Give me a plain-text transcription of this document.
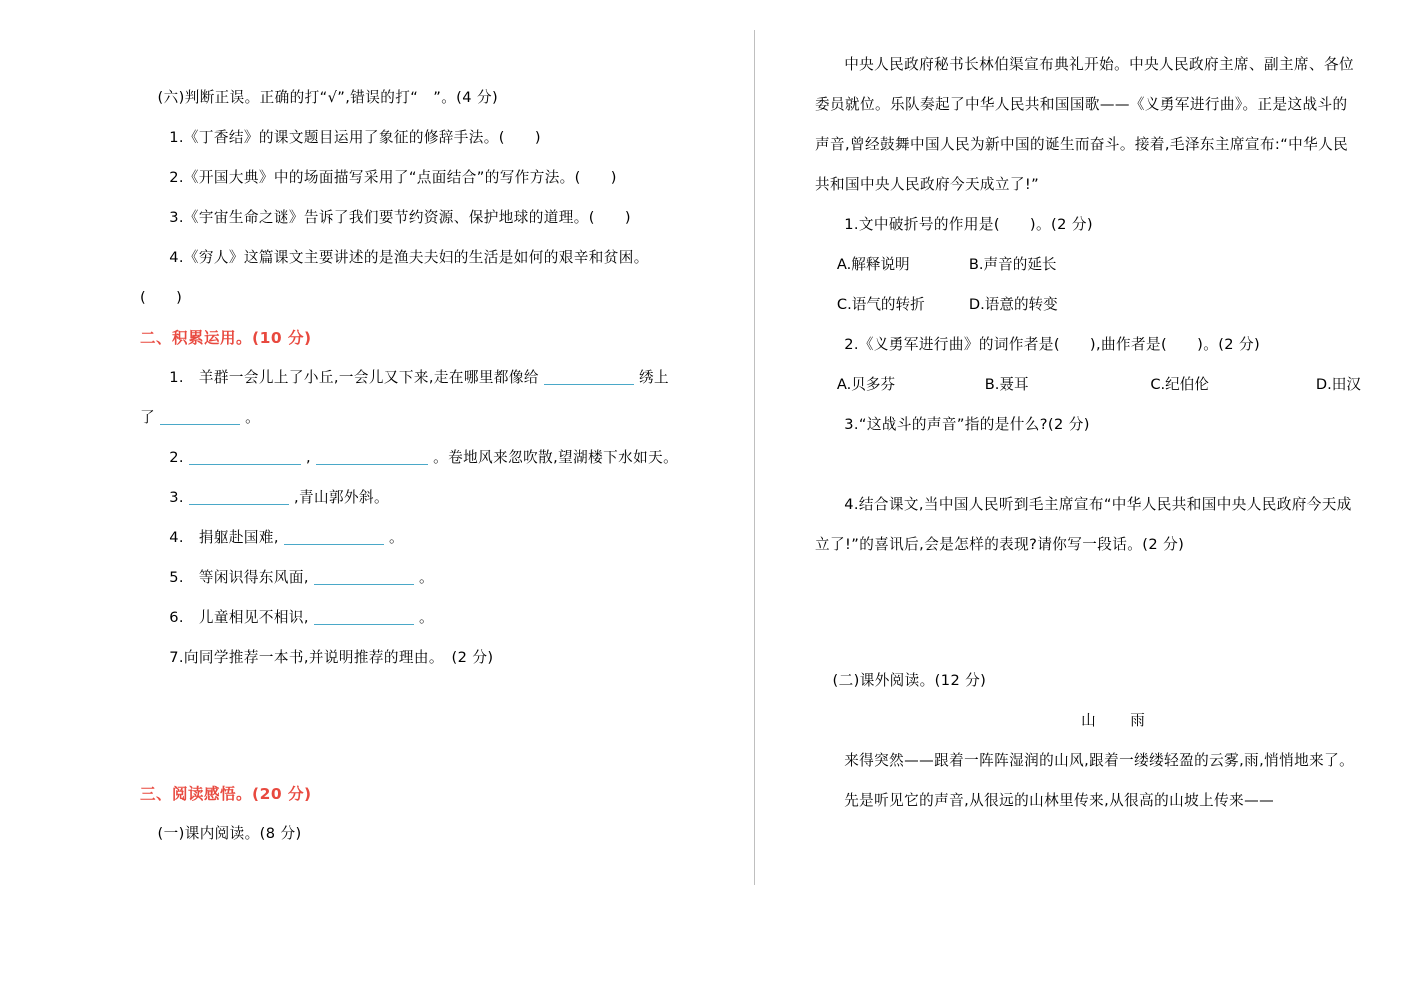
(六)判断正误。正确的打“√”,错误的打“　”。(4 分)

1.《丁香结》的课文题目运用了象征的修辞手法。(　　)

2.《开国大典》中的场面描写采用了“点面结合”的写作方法。(　　)

3.《宇宙生命之谜》告诉了我们要节约资源、保护地球的道理。(　　)

4.《穷人》这篇课文主要讲述的是渔夫夫妇的生活是如何的艰辛和贫困。

(　　)

二、积累运用。(10 分)

1.　羊群一会儿上了小丘,一会儿又下来,走在哪里都像给	绣上

了	。

2.	,	。卷地风来忽吹散,望湖楼下水如天。

3.	,青山郭外斜。

4.　捐躯赴国难,	。

5.　等闲识得东风面,	。

6.　儿童相见不相识,	。

7.向同学推荐一本书,并说明推荐的理由。　(2 分)

三、阅读感悟。(20 分)

(一)课内阅读。(8 分)

中央人民政府秘书长林伯渠宣布典礼开始。中央人民政府主席、副主席、各位委员就位。乐队奏起了中华人民共和国国歌——《义勇军进行曲》。正是这战斗的声音,曾经鼓舞中国人民为新中国的诞生而奋斗。接着,毛泽东主席宣布:“中华人民共和国中央人民政府今天成立了!”

1.文中破折号的作用是(　　)。(2 分)

A.解释说明	B.声音的延长
C.语气的转折	D.语意的转变

2.《义勇军进行曲》的词作者是(　　),曲作者是(　　)。(2 分)

A.贝多芬	B.聂耳	C.纪伯伦	D.田汉

3.“这战斗的声音”指的是什么?(2 分)

4.结合课文,当中国人民听到毛主席宣布“中华人民共和国中央人民政府今天成立了!”的喜讯后,会是怎样的表现?请你写一段话。(2 分)

(二)课外阅读。(12 分)

山　雨

来得突然——跟着一阵阵湿润的山风,跟着一缕缕轻盈的云雾,雨,悄悄地来了。

先是听见它的声音,从很远的山林里传来,从很高的山坡上传来——
